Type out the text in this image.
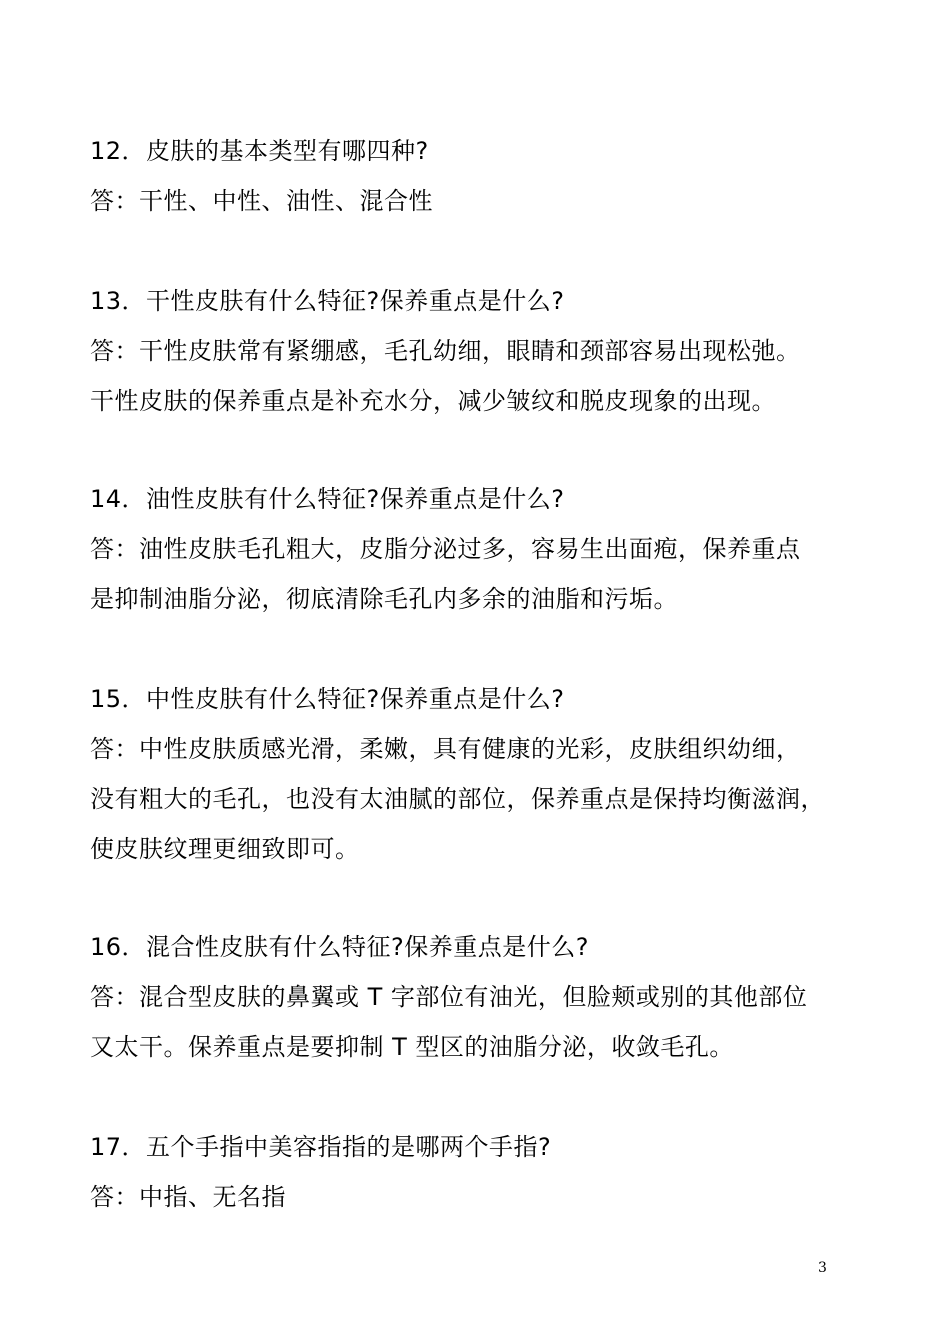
12．皮肤的基本类型有哪四种?
答：干性、中性、油性、混合性
13．干性皮肤有什么特征?保养重点是什么?
答：干性皮肤常有紧绷感，毛孔幼细，眼睛和颈部容易出现松弛。
干性皮肤的保养重点是补充水分，减少皱纹和脱皮现象的出现。
14．油性皮肤有什么特征?保养重点是什么?
答：油性皮肤毛孔粗大，皮脂分泌过多，容易生出面疱，保养重点
是抑制油脂分泌，彻底清除毛孔内多余的油脂和污垢。
15．中性皮肤有什么特征?保养重点是什么?
答：中性皮肤质感光滑，柔嫩，具有健康的光彩，皮肤组织幼细，
没有粗大的毛孔，也没有太油腻的部位，保养重点是保持均衡滋润，
使皮肤纹理更细致即可。
16．混合性皮肤有什么特征?保养重点是什么?
答：混合型皮肤的鼻翼或 T 字部位有油光，但脸颊或别的其他部位
又太干。保养重点是要抑制 T 型区的油脂分泌，收敛毛孔。
17．五个手指中美容指指的是哪两个手指?
答：中指、无名指
3
